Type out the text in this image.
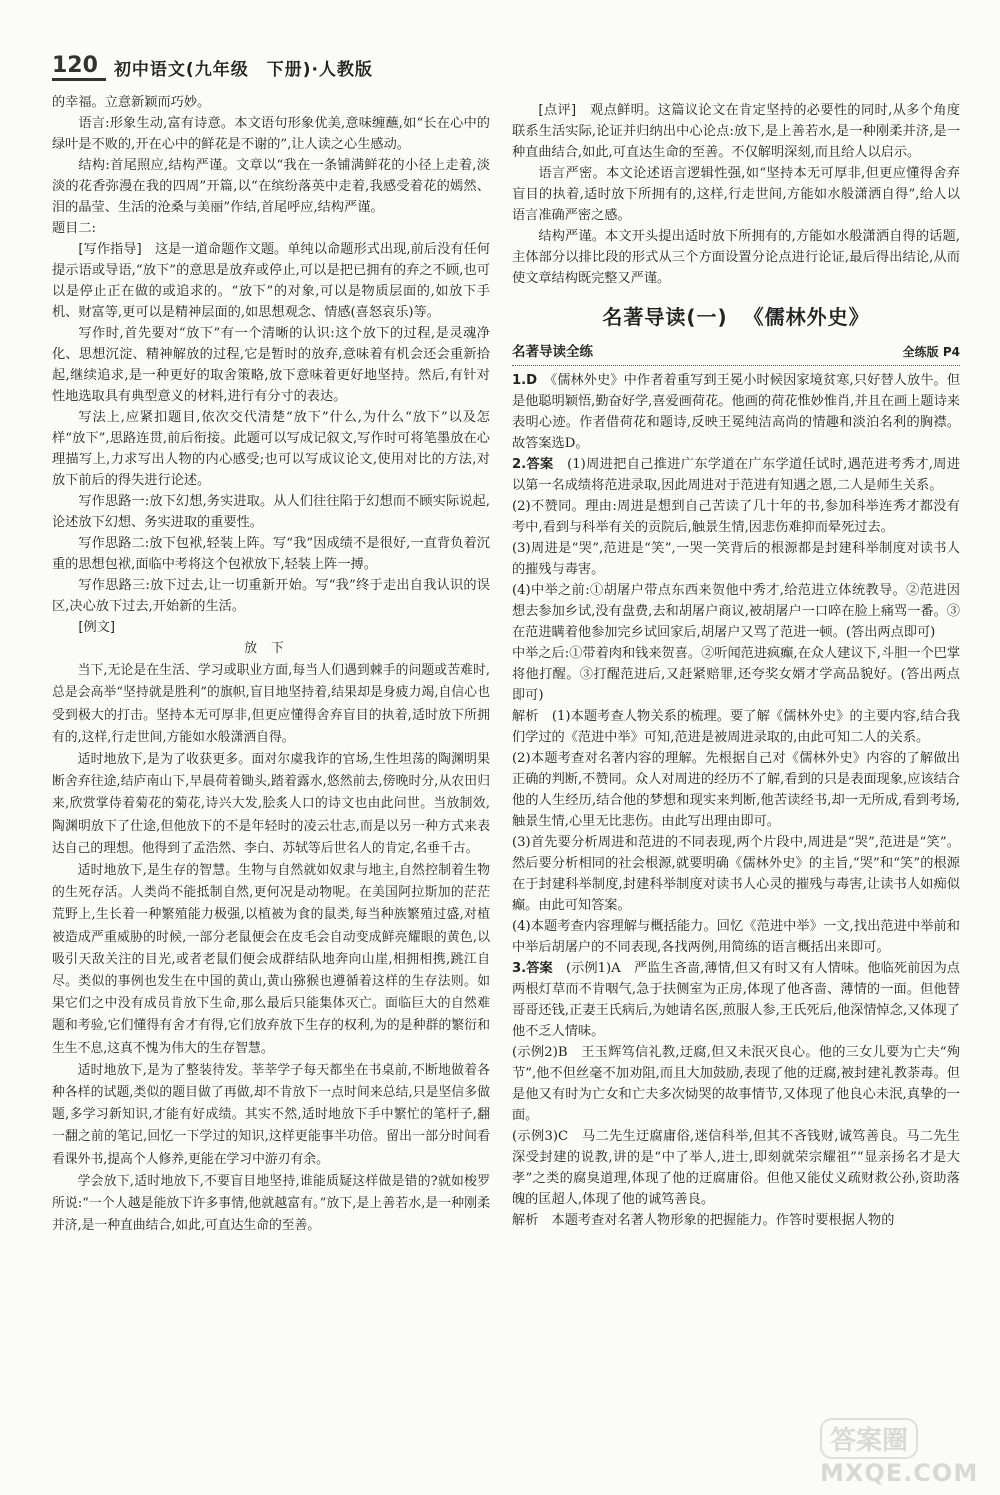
120 初中语文(九年级　下册)·人教版

的幸福。立意新颖而巧妙。

语言:形象生动,富有诗意。本文语句形象优美,意味缠蘸,如“长在心中的绿叶是不败的,开在心中的鲜花是不谢的”,让人读之心生感动。

结构:首尾照应,结构严谨。文章以“我在一条铺满鲜花的小径上走着,淡淡的花香弥漫在我的四周”开篇,以“在缤纷落英中走着,我感受着花的嫣然、泪的晶莹、生活的沧桑与美丽”作结,首尾呼应,结构严谨。

题目二:

[写作指导]　 这是一道命题作文题。单纯以命题形式出现,前后没有任何提示语或导语,“放下”的意思是放弃或停止,可以是把已拥有的弃之不顾,也可以是停止正在做的或追求的。“放下”的对象,可以是物质层面的,如放下手机、财富等,更可以是精神层面的,如思想观念、情感(喜怒哀乐)等。

写作时,首先要对“放下”有一个清晰的认识:这个放下的过程,是灵魂净化、思想沉淀、精神解放的过程,它是暂时的放弃,意味着有机会还会重新拾起,继续追求,是一种更好的取舍策略,放下意味着更好地坚持。然后,有针对性地选取具有典型意义的材料,进行有分寸的表达。

写法上,应紧扣题目,依次交代清楚“放下”什么,为什么“放下”以及怎样“放下”,思路连贯,前后衔接。此题可以写成记叙文,写作时可将笔墨放在心理描写上,力求写出人物的内心感受;也可以写成议论文,使用对比的方法,对放下前后的得失进行论述。

写作思路一:放下幻想,务实进取。从人们往往陷于幻想而不顾实际说起,论述放下幻想、务实进取的重要性。

写作思路二:放下包袱,轻装上阵。写“我”因成绩不是很好,一直背负着沉重的思想包袱,面临中考将这个包袱放下,轻装上阵一搏。

写作思路三:放下过去,让一切重新开始。写“我”终于走出自我认识的误区,决心放下过去,开始新的生活。

[例文]

放下

当下,无论是在生活、学习或职业方面,每当人们遇到棘手的问题或苦难时,总是会高举“坚持就是胜利”的旗帜,盲目地坚持着,结果却是身疲力竭,自信心也受到极大的打击。坚持本无可厚非,但更应懂得舍弃盲目的执着,适时放下所拥有的,这样,行走世间,方能如水般潇洒自得。

适时地放下,是为了收获更多。面对尔虞我诈的官场,生性坦荡的陶渊明果断舍弃往途,结庐南山下,早晨荷着锄头,踏着露水,悠然前去,傍晚时分,从农田归来,欣赏掌侍着菊花的菊花,诗兴大发,脍炙人口的诗文也由此问世。当放制效,陶渊明放下了仕途,但他放下的不是年轻时的凌云壮志,而是以另一种方式来表达自己的理想。他得到了孟浩然、李白、苏轼等后世名人的肯定,名垂千古。

适时地放下,是生存的智慧。生物与自然就如奴隶与地主,自然控制着生物的生死存活。人类尚不能抵制自然,更何况是动物呢。在美国阿拉斯加的茫茫荒野上,生长着一种繁殖能力极强,以植被为食的鼠类,每当种族繁殖过盛,对植被造成严重威胁的时候,一部分老鼠便会在皮毛会自动变成鲜亮耀眼的黄色,以吸引天敌关注的目光,或者老鼠们便会成群结队地奔向山崖,相拥相携,跳江自尽。类似的事例也发生在中国的黄山,黄山猕猴也遵循着这样的生存法则。如果它们之中没有成员肯放下生命,那么最后只能集体灭亡。面临巨大的自然难题和考验,它们懂得有舍才有得,它们放弃放下生存的权利,为的是种群的繁衍和生生不息,这真不愧为伟大的生存智慧。

适时地放下,是为了整装待发。莘莘学子每天都坐在书桌前,不断地做着各种各样的试题,类似的题目做了再做,却不肯放下一点时间来总结,只是坚信多做题,多学习新知识,才能有好成绩。其实不然,适时地放下手中繁忙的笔杆子,翻一翻之前的笔记,回忆一下学过的知识,这样更能事半功倍。留出一部分时间看看课外书,提高个人修养,更能在学习中游刃有余。

学会放下,适时地放下,不要盲目地坚持,谁能质疑这样做是错的?就如梭罗所说:“一个人越是能放下许多事情,他就越富有。”放下,是上善若水,是一种刚柔并济,是一种直曲结合,如此,可直达生命的至善。

[点评]　 观点鲜明。这篇议论文在肯定坚持的必要性的同时,从多个角度联系生活实际,论证并归纳出中心论点:放下,是上善若水,是一种刚柔并济,是一种直曲结合,如此,可直达生命的至善。不仅解明深刻,而且给人以启示。

语言严密。本文论述语言逻辑性强,如“坚持本无可厚非,但更应懂得舍弃盲目的执着,适时放下所拥有的,这样,行走世间,方能如水般潇洒自得”,给人以语言准确严密之感。

结构严谨。本文开头提出适时放下所拥有的,方能如水般潇洒自得的话题,主体部分以排比段的形式从三个方面设置分论点进行论证,最后得出结论,从而使文章结构既完整又严谨。

名著导读(一) 《儒林外史》
名著导读全练	全练版 P4

1.D　 《儒林外史》中作者着重写到王冕小时候因家境贫寒,只好替人放牛。但是他聪明颖悟,勤奋好学,喜爱画荷花。他画的荷花惟妙惟肖,并且在画上题诗来表明心迹。作者借荷花和题诗,反映王冕纯洁高尚的情趣和淡泊名利的胸襟。故答案选D。

2.答案　 (1)周进把自己推进广东学道在广东学道任试时,遇范进考秀才,周进以第一名成绩将范进录取,因此周进对于范进有知遇之恩,二人是师生关系。

(2)不赞同。理由:周进是想到自己苦读了几十年的书,参加科举连秀才都没有考中,看到与科举有关的贡院后,触景生情,因悲伤难抑而晕死过去。

(3)周进是“哭”,范进是“笑”,一哭一笑背后的根源都是封建科举制度对读书人的摧残与毒害。

(4)中举之前:①胡屠户带点东西来贺他中秀才,给范进立体统教导。②范进因想去参加乡试,没有盘费,去和胡屠户商议,被胡屠户一口啐在脸上痛骂一番。③在范进瞒着他参加完乡试回家后,胡屠户又骂了范进一顿。(答出两点即可)

中举之后:①带着肉和钱来贺喜。②听闻范进疯癫,在众人建议下,斗胆一个巴掌将他打醒。③打醒范进后,又赶紧赔罪,还夸奖女婿才学高品貌好。(答出两点即可)

解析　(1)本题考查人物关系的梳理。要了解《儒林外史》的主要内容,结合我们学过的《范进中举》可知,范进是被周进录取的,由此可知二人的关系。

(2)本题考查对名著内容的理解。先根据自己对《儒林外史》内容的了解做出正确的判断,不赞同。众人对周进的经历不了解,看到的只是表面现象,应该结合他的人生经历,结合他的梦想和现实来判断,他苦读经书,却一无所成,看到考场,触景生情,心里无比悲伤。由此写出理由即可。

(3)首先要分析周进和范进的不同表现,两个片段中,周进是“哭”,范进是“笑”。然后要分析相同的社会根源,就要明确《儒林外史》的主旨,“哭”和“笑”的根源在于封建科举制度,封建科举制度对读书人心灵的摧残与毒害,让读书人如痴似癫。由此可知答案。

(4)本题考查内容理解与概括能力。回忆《范进中举》一文,找出范进中举前和中举后胡屠户的不同表现,各找两例,用简练的语言概括出来即可。

3.答案　 (示例1)A　严监生吝啬,薄情,但又有时又有人情味。他临死前因为点两根灯草而不肯咽气,急于扶侧室为正房,体现了他吝啬、薄情的一面。但他替哥哥还钱,正妻王氏病后,为她请名医,煎服人参,王氏死后,他深情悼念,又体现了他不乏人情味。

(示例2)B　王玉辉笃信礼教,迂腐,但又未泯灭良心。他的三女儿要为亡夫“殉节”,他不但丝毫不加劝阻,而且大加鼓励,表现了他的迂腐,被封建礼教荼毒。但是他又有时为亡女和亡夫多次恸哭的故事情节,又体现了他良心未泯,真挚的一面。

(示例3)C　马二先生迂腐庸俗,迷信科举,但其不吝钱财,诚笃善良。马二先生深受封建的说教,讲的是“中了举人,进士,即刻就荣宗耀祖”“显亲扬名才是大孝”之类的腐臭道理,体现了他的迂腐庸俗。但他又能仗义疏财救公孙,资助落魄的匡超人,体现了他的诚笃善良。

解析　本题考查对名著人物形象的把握能力。作答时要根据人物的

答案圈
MXQE.COM
